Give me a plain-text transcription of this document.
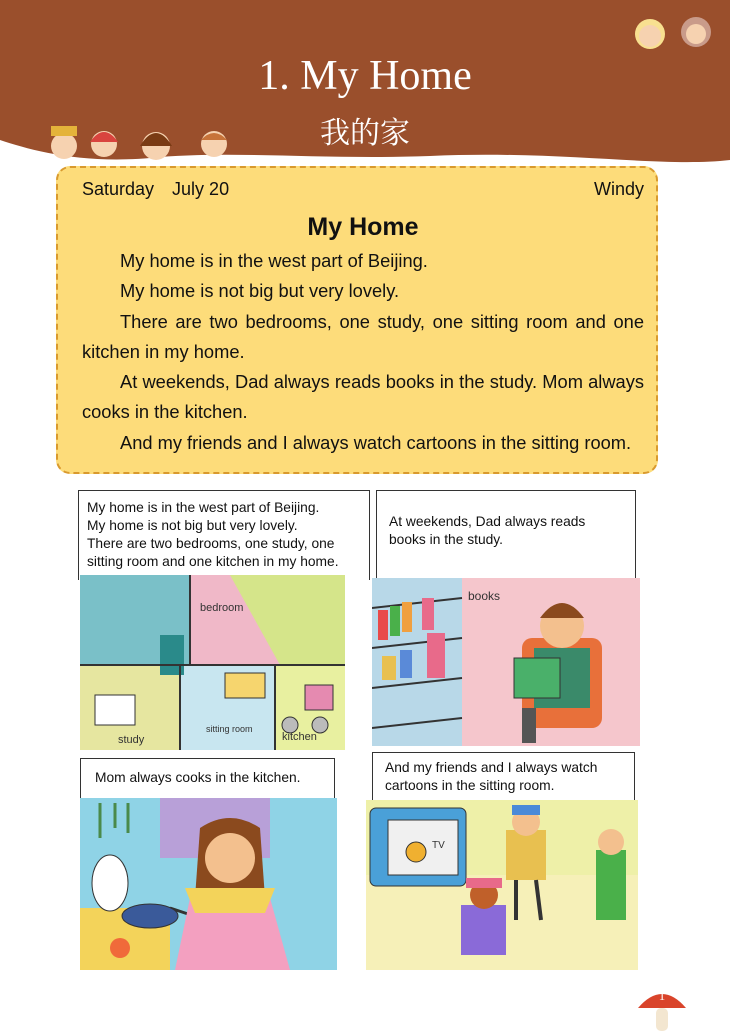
1. My Home
我的家
Saturday July 20	Windy
My Home

My home is in the west part of Beijing.

My home is not big but very lovely.

There are two bedrooms, one study, one sitting room and one kitchen in my home.

At weekends, Dad always reads books in the study. Mom always cooks in the kitchen.

And my friends and I always watch cartoons in the sitting room.

My home is in the west part of Beijing.
My home is not big but very lovely.
There are two bedrooms, one study, one
sitting room and one kitchen in my home.
bedroom
study
sitting room
kitchen
At weekends, Dad always reads
books in the study.
books
Mom always cooks in the kitchen.
And my friends and I always watch
cartoons in the sitting room.
TV
1
